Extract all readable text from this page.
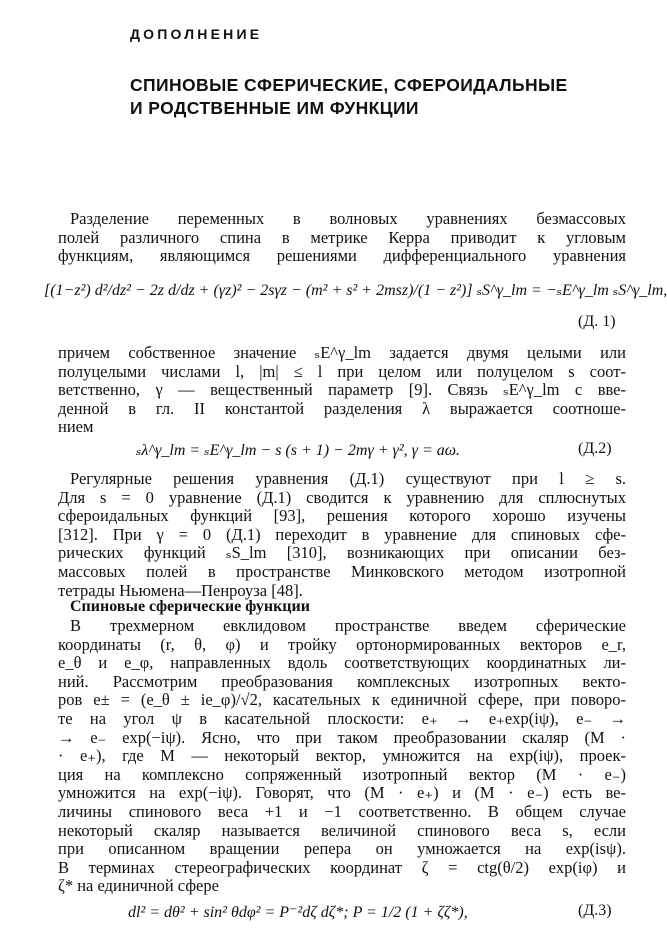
ДОПОЛНЕНИЕ
СПИНОВЫЕ СФЕРИЧЕСКИЕ, СФЕРОИДАЛЬНЫЕ
И РОДСТВЕННЫЕ ИМ ФУНКЦИИ
Разделение переменных в волновых уравнениях безмассовых
полей различного спина в метрике Керра приводит к угловым
функциям, являющимся решениями дифференциального уравнения
[(1−z²) d²/dz² − 2z d/dz + (γz)² − 2sγz − (m² + s² + 2msz)/(1 − z²)] ₛS^γ_lm = −ₛE^γ_lm ₛS^γ_lm,
(Д. 1)
причем собственное значение ₛE^γ_lm задается двумя целыми или
полуцелыми числами l, |m| ≤ l при целом или полуцелом s соот-
ветственно, γ — вещественный параметр [9]. Связь ₛE^γ_lm с вве-
денной в гл. II константой разделения λ выражается соотноше-
нием
ₛλ^γ_lm = ₛE^γ_lm − s (s + 1) − 2mγ + γ², γ = aω.	(Д.2)
Регулярные решения уравнения (Д.1) существуют при l ≥ s.
Для s = 0 уравнение (Д.1) сводится к уравнению для сплюснутых
сфероидальных функций [93], решения которого хорошо изучены
[312]. При γ = 0 (Д.1) переходит в уравнение для спиновых сфе-
рических функций ₛS_lm [310], возникающих при описании без-
массовых полей в пространстве Минковского методом изотропной
тетрады Ньюмена—Пенроуза [48].
Спиновые сферические функции
В трехмерном евклидовом пространстве введем сферические
координаты (r, θ, φ) и тройку ортонормированных векторов e_r,
e_θ и e_φ, направленных вдоль соответствующих координатных ли-
ний. Рассмотрим преобразования комплексных изотропных векто-
ров e± = (e_θ ± ie_φ)/√2, касательных к единичной сфере, при поворо-
те на угол ψ в касательной плоскости: e₊ → e₊exp(iψ), e₋ →
→ e₋ exp(−iψ). Ясно, что при таком преобразовании скаляр (M ·
· e₊), где M — некоторый вектор, умножится на exp(iψ), проек-
ция на комплексно сопряженный изотропный вектор (M · e₋)
умножится на exp(−iψ). Говорят, что (M · e₊) и (M · e₋) есть ве-
личины спинового веса +1 и −1 соответственно. В общем случае
некоторый скаляр называется величиной спинового веса s, если
при описанном вращении репера он умножается на exp(isψ).
В терминах стереографических координат ζ = ctg(θ/2) exp(iφ) и
ζ* на единичной сфере
dl² = dθ² + sin² θdφ² = P⁻²dζ dζ*; P = 1/2 (1 + ζζ*),	(Д.3)
